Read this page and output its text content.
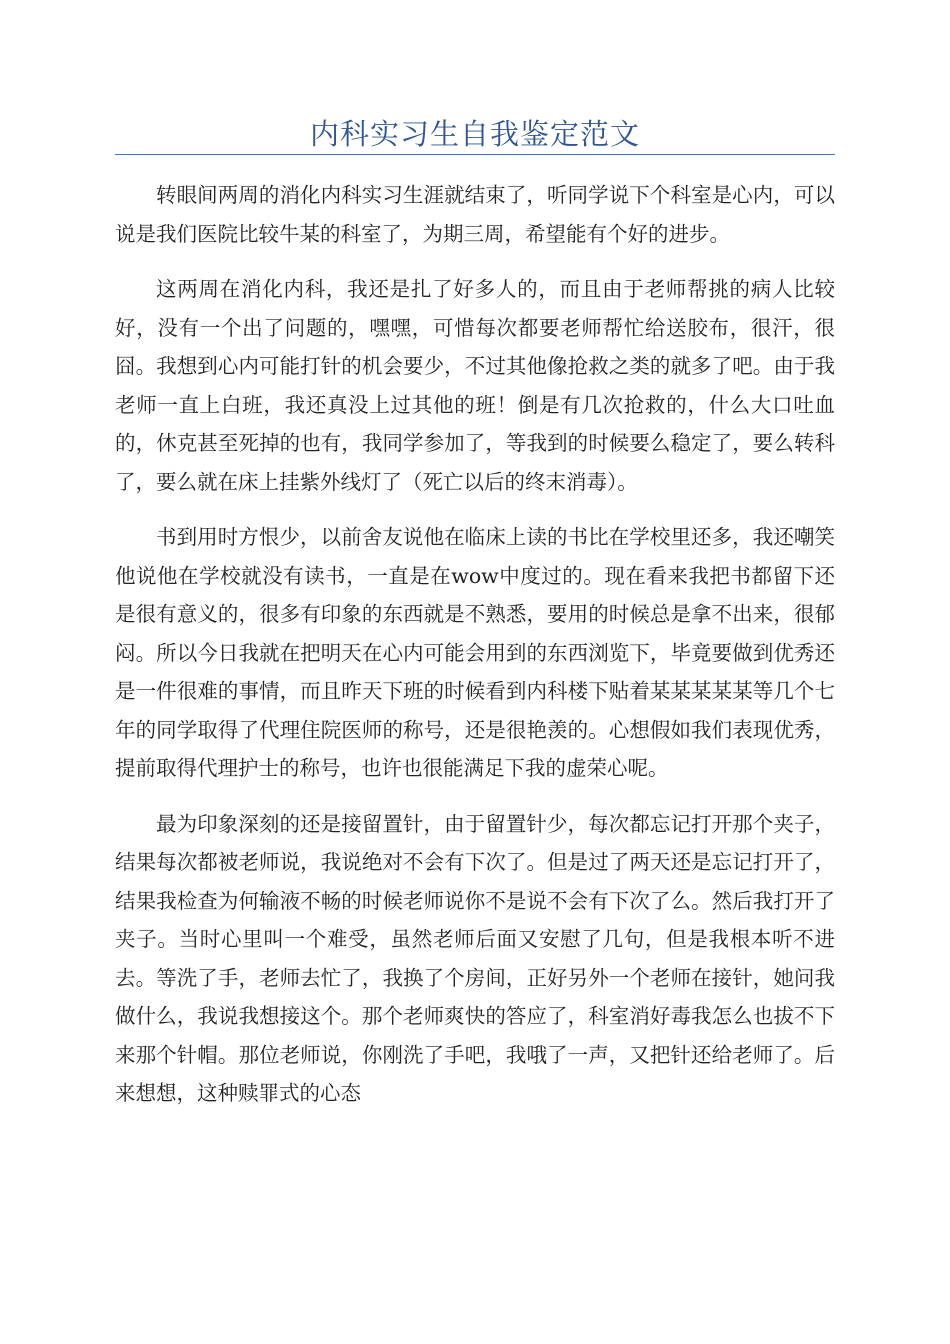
内科实习生自我鉴定范文

转眼间两周的消化内科实习生涯就结束了，听同学说下个科室是心内，可以说是我们医院比较牛某的科室了，为期三周，希望能有个好的进步。

这两周在消化内科，我还是扎了好多人的，而且由于老师帮挑的病人比较好，没有一个出了问题的，嘿嘿，可惜每次都要老师帮忙给送胶布，很汗，很囧。我想到心内可能打针的机会要少，不过其他像抢救之类的就多了吧。由于我老师一直上白班，我还真没上过其他的班！倒是有几次抢救的，什么大口吐血的，休克甚至死掉的也有，我同学参加了，等我到的时候要么稳定了，要么转科了，要么就在床上挂紫外线灯了（死亡以后的终末消毒）。

书到用时方恨少，以前舍友说他在临床上读的书比在学校里还多，我还嘲笑他说他在学校就没有读书，一直是在wow中度过的。现在看来我把书都留下还是很有意义的，很多有印象的东西就是不熟悉，要用的时候总是拿不出来，很郁闷。所以今日我就在把明天在心内可能会用到的东西浏览下，毕竟要做到优秀还是一件很难的事情，而且昨天下班的时候看到内科楼下贴着某某某某某等几个七年的同学取得了代理住院医师的称号，还是很艳羡的。心想假如我们表现优秀，提前取得代理护士的称号，也许也很能满足下我的虚荣心呢。

最为印象深刻的还是接留置针，由于留置针少，每次都忘记打开那个夹子，结果每次都被老师说，我说绝对不会有下次了。但是过了两天还是忘记打开了，结果我检查为何输液不畅的时候老师说你不是说不会有下次了么。然后我打开了夹子。当时心里叫一个难受，虽然老师后面又安慰了几句，但是我根本听不进去。等洗了手，老师去忙了，我换了个房间，正好另外一个老师在接针，她问我做什么，我说我想接这个。那个老师爽快的答应了，科室消好毒我怎么也拔不下来那个针帽。那位老师说，你刚洗了手吧，我哦了一声，又把针还给老师了。后来想想，这种赎罪式的心态
